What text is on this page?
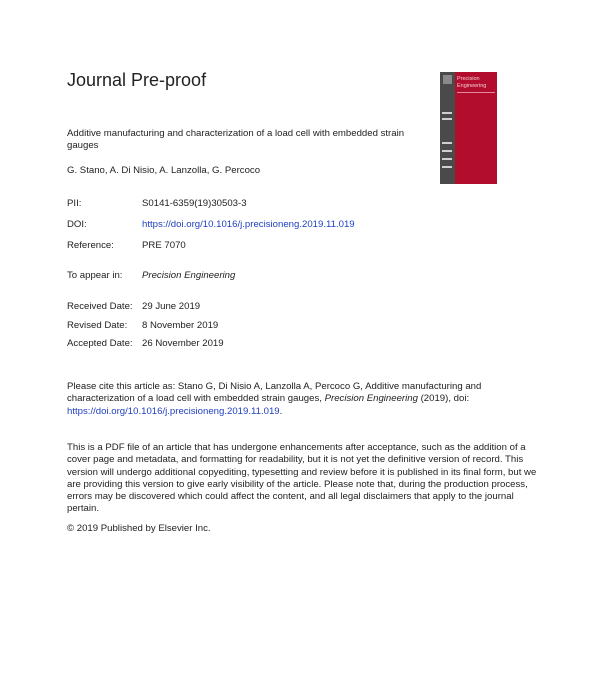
Journal Pre-proof	Precision
Engineering
Additive manufacturing and characterization of a load cell with embedded strain gauges
G. Stano, A. Di Nisio, A. Lanzolla, G. Percoco
PII:	S0141-6359(19)30503-3
DOI:	https://doi.org/10.1016/j.precisioneng.2019.11.019
Reference:	PRE 7070
To appear in: Precision Engineering
Received Date: 29 June 2019
Revised Date: 8 November 2019
Accepted Date: 26 November 2019
Please cite this article as: Stano G, Di Nisio A, Lanzolla A, Percoco G, Additive manufacturing and characterization of a load cell with embedded strain gauges, Precision Engineering (2019), doi: https://doi.org/10.1016/j.precisioneng.2019.11.019.
This is a PDF file of an article that has undergone enhancements after acceptance, such as the addition of a cover page and metadata, and formatting for readability, but it is not yet the definitive version of record. This version will undergo additional copyediting, typesetting and review before it is published in its final form, but we are providing this version to give early visibility of the article. Please note that, during the production process, errors may be discovered which could affect the content, and all legal disclaimers that apply to the journal pertain.
© 2019 Published by Elsevier Inc.
